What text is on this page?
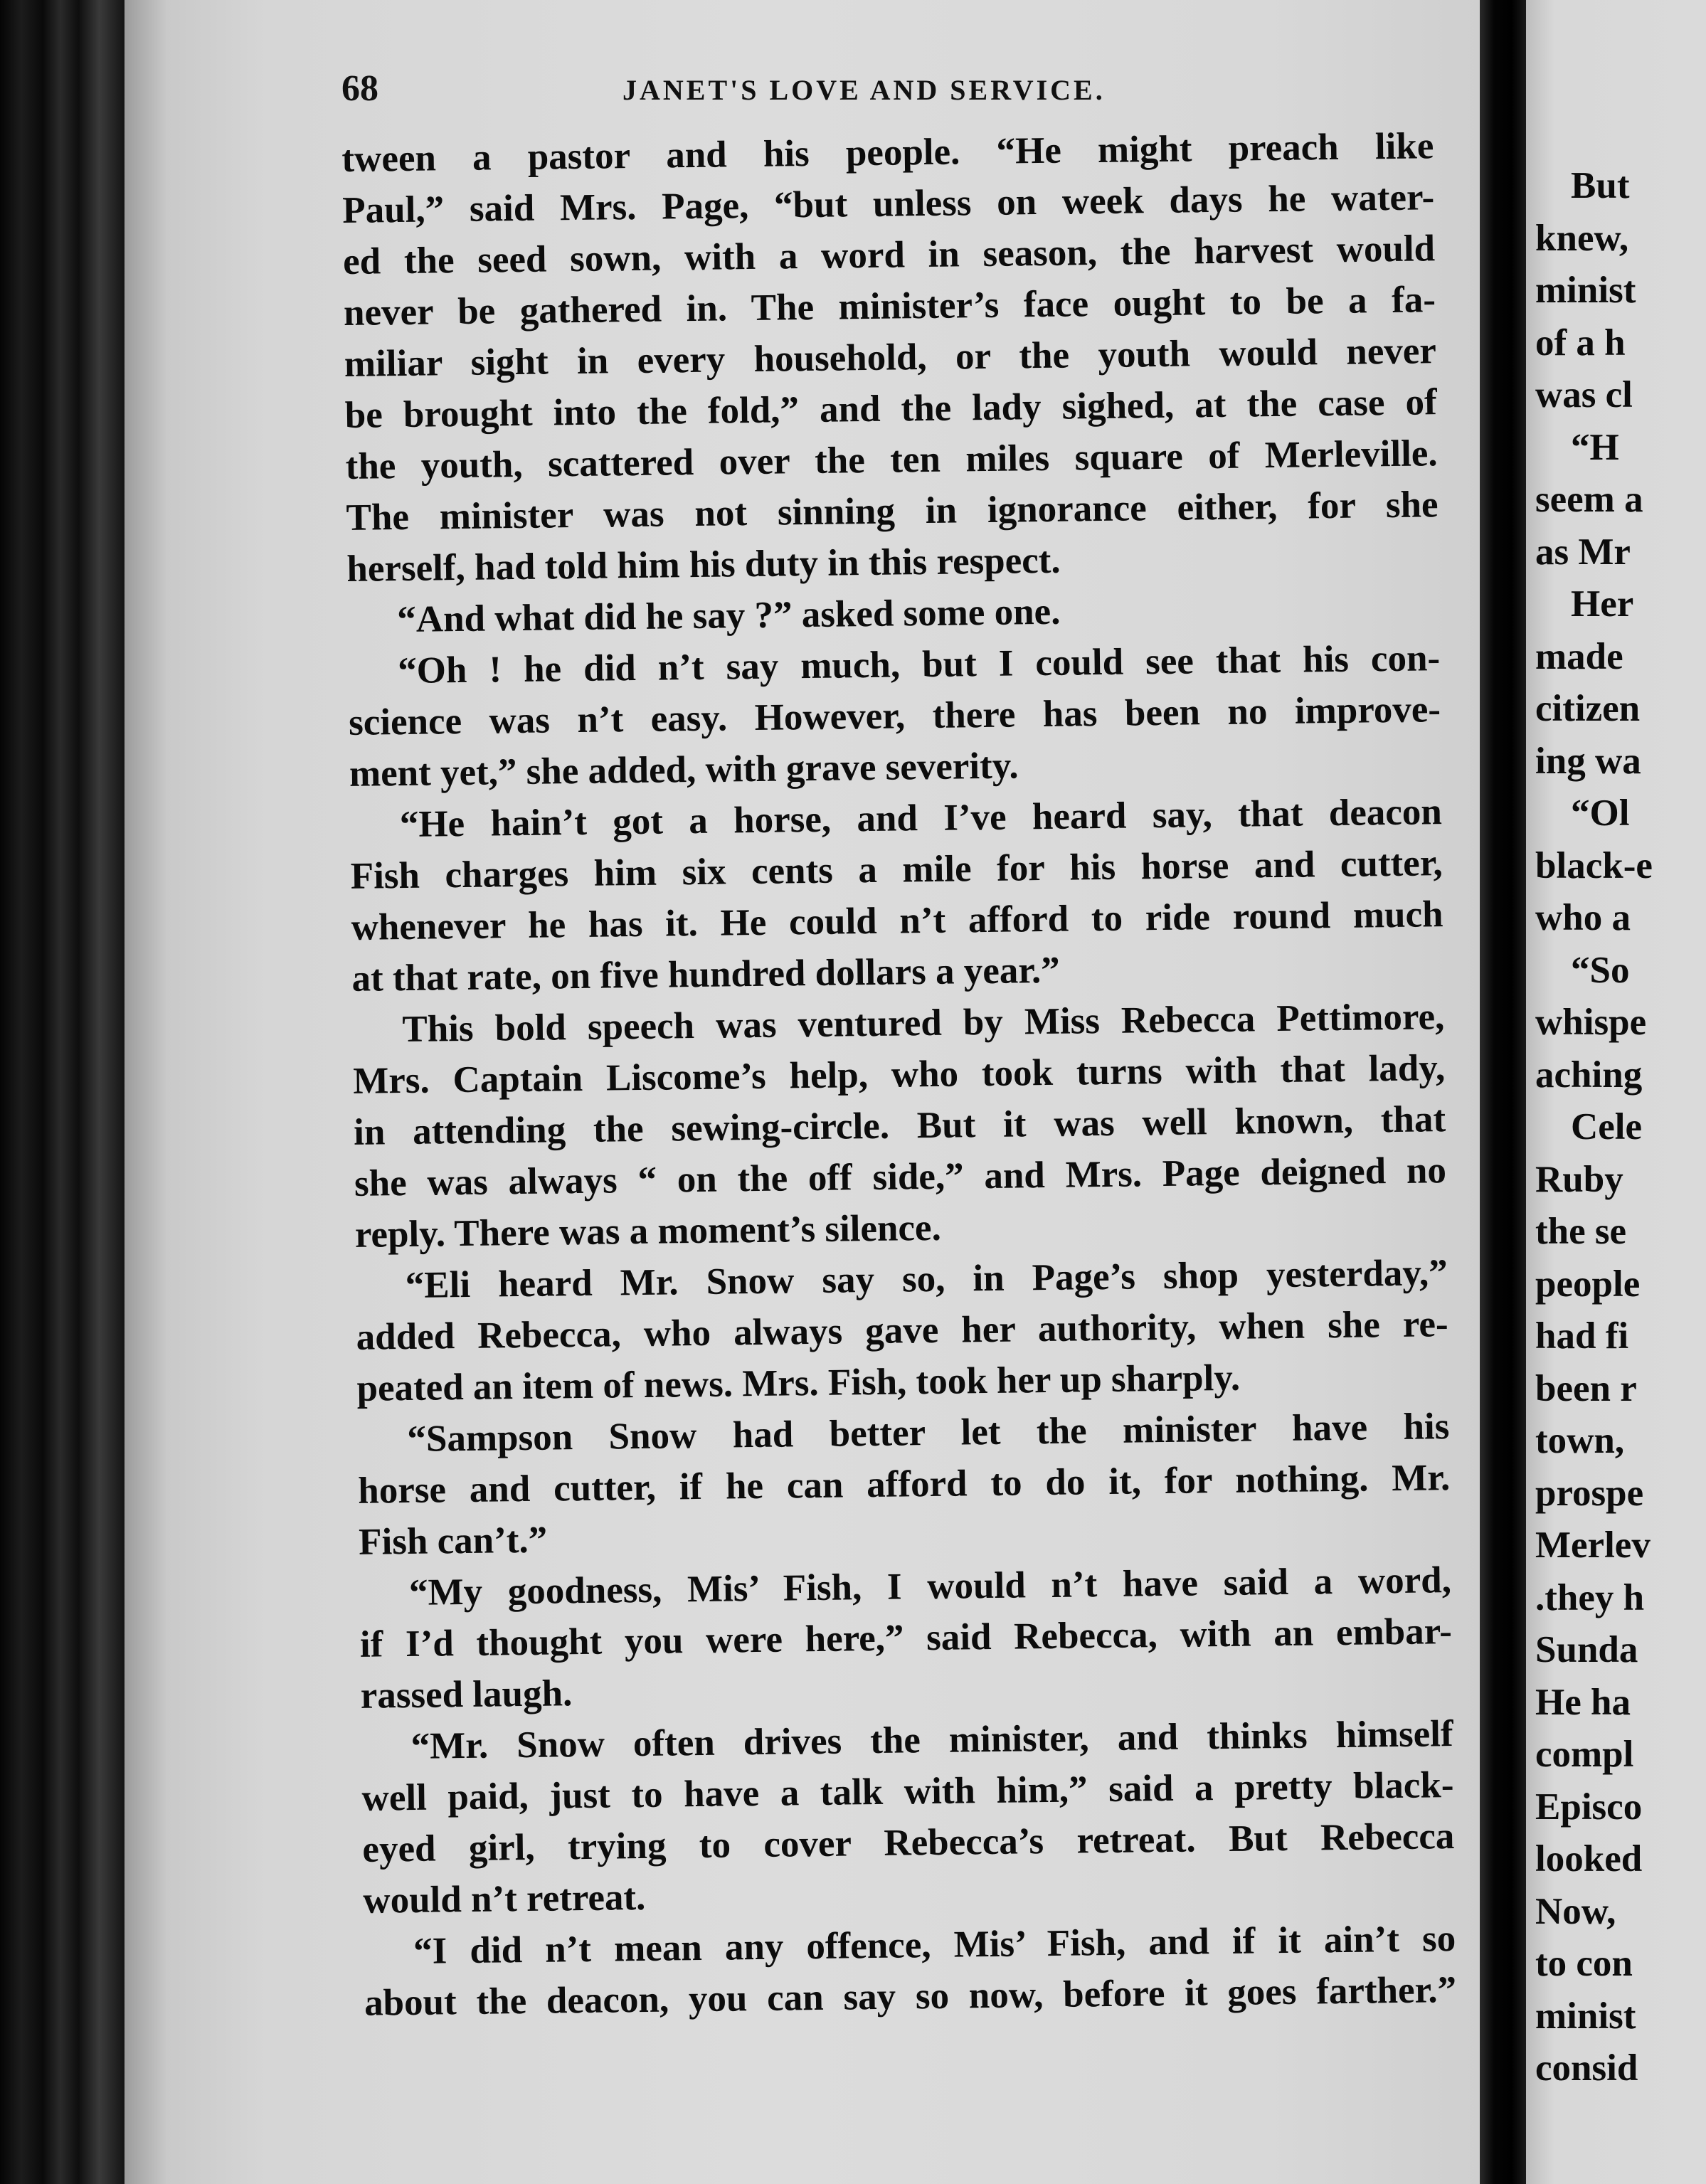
68	JANET'S LOVE AND SERVICE.
tween a pastor and his people. “He might preach like
Paul,” said Mrs. Page, “but unless on week days he water-
ed the seed sown, with a word in season, the harvest would
never be gathered in. The minister’s face ought to be a fa-
miliar sight in every household, or the youth would never
be brought into the fold,” and the lady sighed, at the case of
the youth, scattered over the ten miles square of Merleville.
The minister was not sinning in ignorance either, for she
herself, had told him his duty in this respect.
“And what did he say ?” asked some one.
“Oh ! he did n’t say much, but I could see that his con-
science was n’t easy. However, there has been no improve-
ment yet,” she added, with grave severity.
“He hain’t got a horse, and I’ve heard say, that deacon
Fish charges him six cents a mile for his horse and cutter,
whenever he has it. He could n’t afford to ride round much
at that rate, on five hundred dollars a year.”
This bold speech was ventured by Miss Rebecca Pettimore,
Mrs. Captain Liscome’s help, who took turns with that lady,
in attending the sewing-circle. But it was well known, that
she was always “ on the off side,” and Mrs. Page deigned no
reply. There was a moment’s silence.
“Eli heard Mr. Snow say so, in Page’s shop yesterday,”
added Rebecca, who always gave her authority, when she re-
peated an item of news. Mrs. Fish, took her up sharply.
“Sampson Snow had better let the minister have his
horse and cutter, if he can afford to do it, for nothing. Mr.
Fish can’t.”
“My goodness, Mis’ Fish, I would n’t have said a word,
if I’d thought you were here,” said Rebecca, with an embar-
rassed laugh.
“Mr. Snow often drives the minister, and thinks himself
well paid, just to have a talk with him,” said a pretty black-
eyed girl, trying to cover Rebecca’s retreat. But Rebecca
would n’t retreat.
“I did n’t mean any offence, Mis’ Fish, and if it ain’t so
about the deacon, you can say so now, before it goes farther.”
But
knew,
minist
of a h
was cl
“H
seem a
as Mr
Her
made
citizen
ing wa
“Ol
black-e
who a
“So
whispe
aching
Cele
Ruby
the se
people
had fi
been r
town,
prospe
Merlev
.they h
Sunda
He ha
compl
Episco
looked
Now,
to con
minist
consid
